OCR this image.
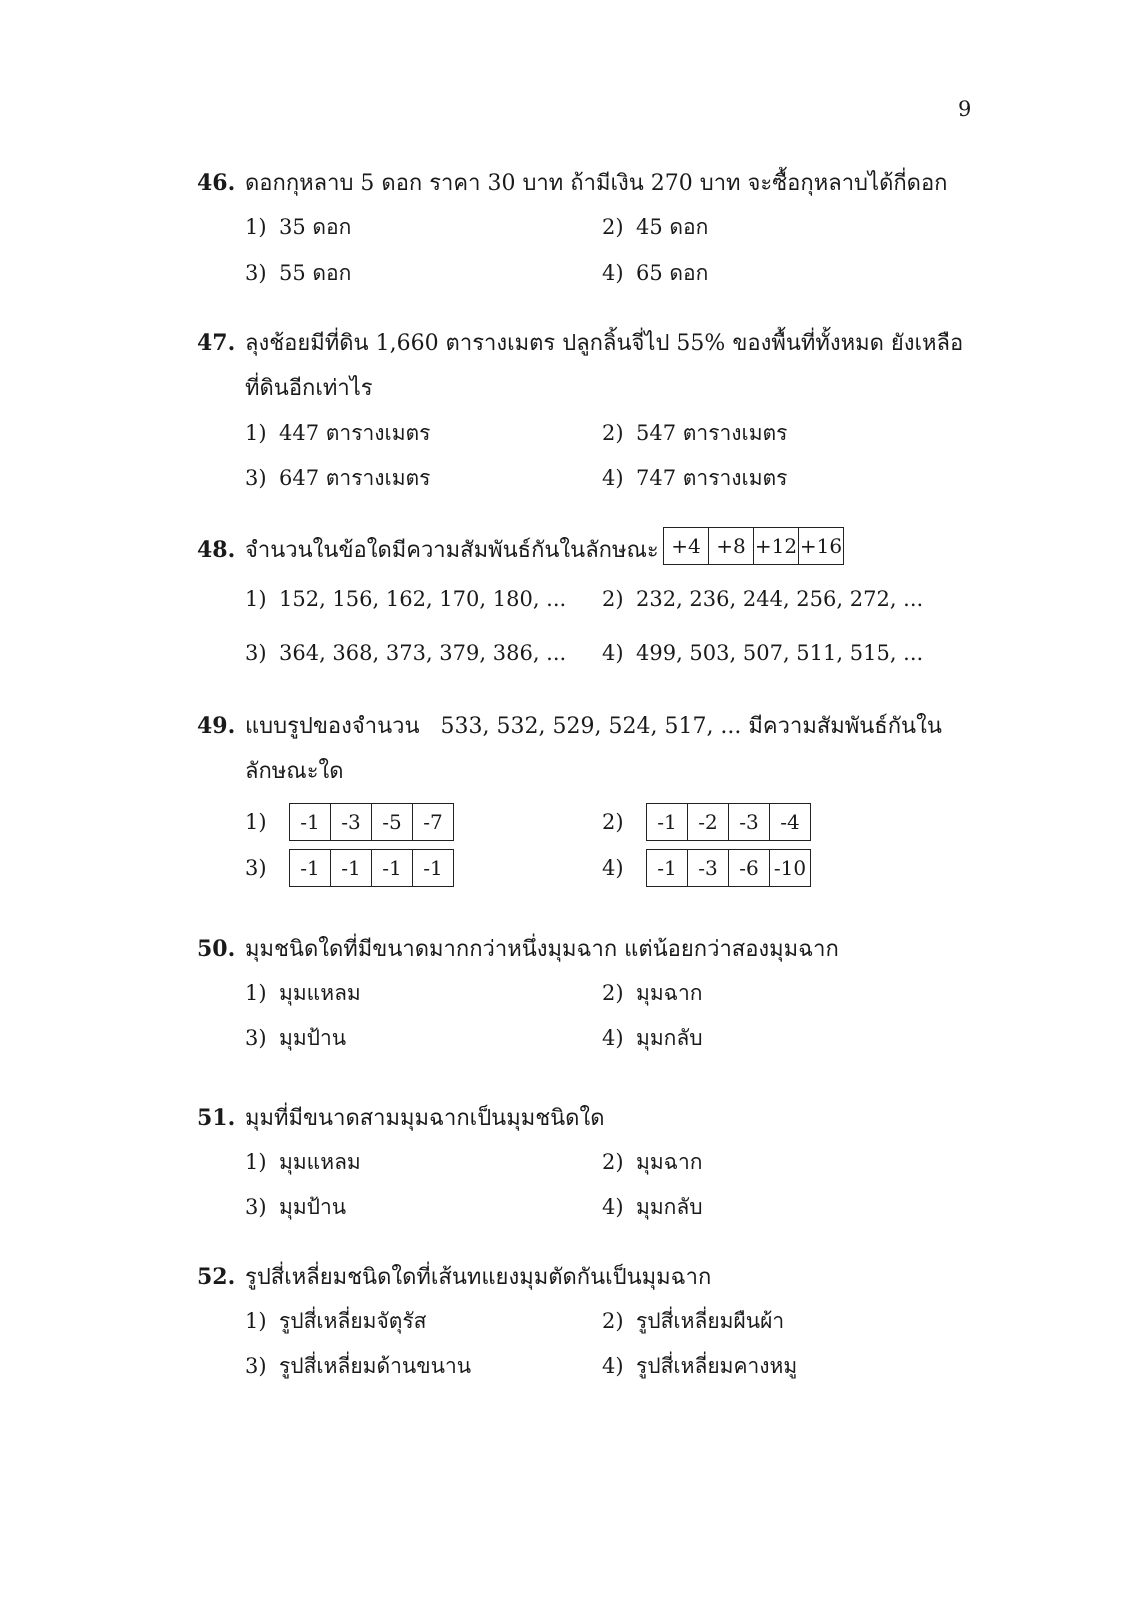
9
46. ดอกกุหลาบ 5 ดอก ราคา 30 บาท ถ้ามีเงิน 270 บาท จะซื้อกุหลาบได้กี่ดอก
1) 35 ดอก	2) 45 ดอก
3) 55 ดอก	4) 65 ดอก
47. ลุงช้อยมีที่ดิน 1,660 ตารางเมตร ปลูกลิ้นจี่ไป 55% ของพื้นที่ทั้งหมด ยังเหลือ
ที่ดินอีกเท่าไร
1) 447 ตารางเมตร	2) 547 ตารางเมตร
3) 647 ตารางเมตร	4) 747 ตารางเมตร
48. จำนวนในข้อใดมีความสัมพันธ์กันในลักษณะ +4 +8 +12 +16
1) 152, 156, 162, 170, 180, ... 2) 232, 236, 244, 256, 272, ...
3) 364, 368, 373, 379, 386, ... 4) 499, 503, 507, 511, 515, ...
49. แบบรูปของจำนวน   533, 532, 529, 524, 517, ... มีความสัมพันธ์กันใน
ลักษณะใด
1)	-1	-3	-5	-7	2)	-1	-2	-3	-4
3)	-1	-1	-1	-1	4)	-1	-3	-6 -10
50. มุมชนิดใดที่มีขนาดมากกว่าหนึ่งมุมฉาก แต่น้อยกว่าสองมุมฉาก
1) มุมแหลม	2) มุมฉาก
3) มุมป้าน	4) มุมกลับ
51. มุมที่มีขนาดสามมุมฉากเป็นมุมชนิดใด
1) มุมแหลม	2) มุมฉาก
3) มุมป้าน	4) มุมกลับ
52. รูปสี่เหลี่ยมชนิดใดที่เส้นทแยงมุมตัดกันเป็นมุมฉาก
1) รูปสี่เหลี่ยมจัตุรัส	2) รูปสี่เหลี่ยมผืนผ้า
3) รูปสี่เหลี่ยมด้านขนาน	4) รูปสี่เหลี่ยมคางหมู
